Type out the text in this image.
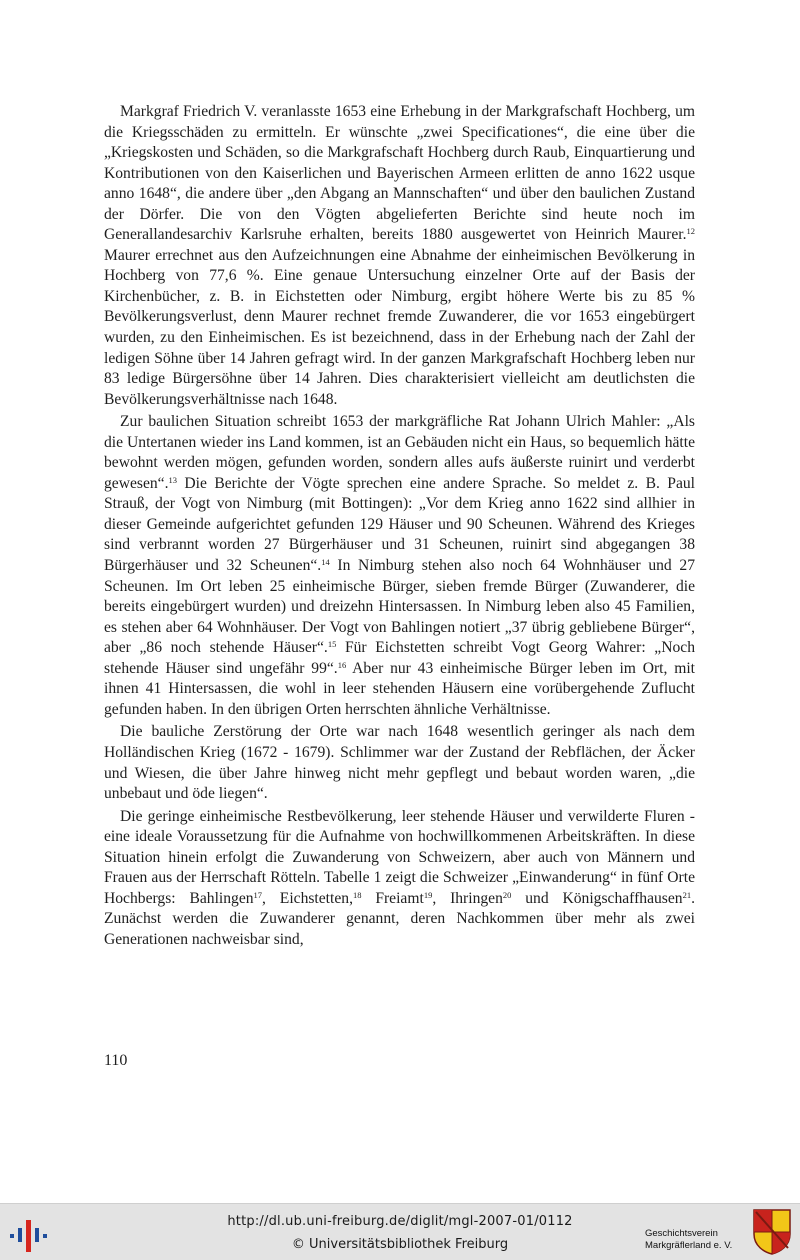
Markgraf Friedrich V. veranlasste 1653 eine Erhebung in der Markgrafschaft Hochberg, um die Kriegsschäden zu ermitteln. Er wünschte „zwei Specificationes“, die eine über die „Kriegskosten und Schäden, so die Markgrafschaft Hochberg durch Raub, Einquartierung und Kontributionen von den Kaiserlichen und Bayerischen Armeen erlitten de anno 1622 usque anno 1648“, die andere über „den Abgang an Mannschaften“ und über den baulichen Zustand der Dörfer. Die von den Vögten abgelieferten Berichte sind heute noch im Generallandesarchiv Karlsruhe erhalten, bereits 1880 ausgewertet von Heinrich Maurer.$^{12}$ Maurer errechnet aus den Aufzeichnungen eine Abnahme der einheimischen Bevölkerung in Hochberg von 77,6 %. Eine genaue Untersuchung einzelner Orte auf der Basis der Kirchenbücher, z. B. in Eichstetten oder Nimburg, ergibt höhere Werte bis zu 85 % Bevölkerungsverlust, denn Maurer rechnet fremde Zuwanderer, die vor 1653 eingebürgert wurden, zu den Einheimischen. Es ist bezeichnend, dass in der Erhebung nach der Zahl der ledigen Söhne über 14 Jahren gefragt wird. In der ganzen Markgrafschaft Hochberg leben nur 83 ledige Bürgersöhne über 14 Jahren. Dies charakterisiert vielleicht am deutlichsten die Bevölkerungsverhältnisse nach 1648.

Zur baulichen Situation schreibt 1653 der markgräfliche Rat Johann Ulrich Mahler: „Als die Untertanen wieder ins Land kommen, ist an Gebäuden nicht ein Haus, so bequemlich hätte bewohnt werden mögen, gefunden worden, sondern alles aufs äußerste ruinirt und verderbt gewesen“.$^{13}$ Die Berichte der Vögte sprechen eine andere Sprache. So meldet z. B. Paul Strauß, der Vogt von Nimburg (mit Bottingen): „Vor dem Krieg anno 1622 sind allhier in dieser Gemeinde aufgerichtet gefunden 129 Häuser und 90 Scheunen. Während des Krieges sind verbrannt worden 27 Bürgerhäuser und 31 Scheunen, ruinirt sind abgegangen 38 Bürgerhäuser und 32 Scheunen“.$^{14}$ In Nimburg stehen also noch 64 Wohnhäuser und 27 Scheunen. Im Ort leben 25 einheimische Bürger, sieben fremde Bürger (Zuwanderer, die bereits eingebürgert wurden) und dreizehn Hintersassen. In Nimburg leben also 45 Familien, es stehen aber 64 Wohnhäuser. Der Vogt von Bahlingen notiert „37 übrig gebliebene Bürger“, aber „86 noch stehende Häuser“.$^{15}$ Für Eichstetten schreibt Vogt Georg Wahrer: „Noch stehende Häuser sind ungefähr 99“.$^{16}$ Aber nur 43 einheimische Bürger leben im Ort, mit ihnen 41 Hintersassen, die wohl in leer stehenden Häusern eine vorübergehende Zuflucht gefunden haben. In den übrigen Orten herrschten ähnliche Verhältnisse.

Die bauliche Zerstörung der Orte war nach 1648 wesentlich geringer als nach dem Holländischen Krieg (1672 - 1679). Schlimmer war der Zustand der Rebflächen, der Äcker und Wiesen, die über Jahre hinweg nicht mehr gepflegt und bebaut worden waren, „die unbebaut und öde liegen“.

Die geringe einheimische Restbevölkerung, leer stehende Häuser und verwilderte Fluren - eine ideale Voraussetzung für die Aufnahme von hochwillkommenen Arbeitskräften. In diese Situation hinein erfolgt die Zuwanderung von Schweizern, aber auch von Männern und Frauen aus der Herrschaft Rötteln. Tabelle 1 zeigt die Schweizer „Einwanderung“ in fünf Orte Hochbergs: Bahlingen$^{17}$, Eichstetten,$^{18}$ Freiamt$^{19}$, Ihringen$^{20}$ und Königschaffhausen$^{21}$. Zunächst werden die Zuwanderer genannt, deren Nachkommen über mehr als zwei Generationen nachweisbar sind,

110
http://dl.ub.uni-freiburg.de/diglit/mgl-2007-01/0112
© Universitätsbibliothek Freiburg
Geschichtsverein
Markgräflerland e. V.
